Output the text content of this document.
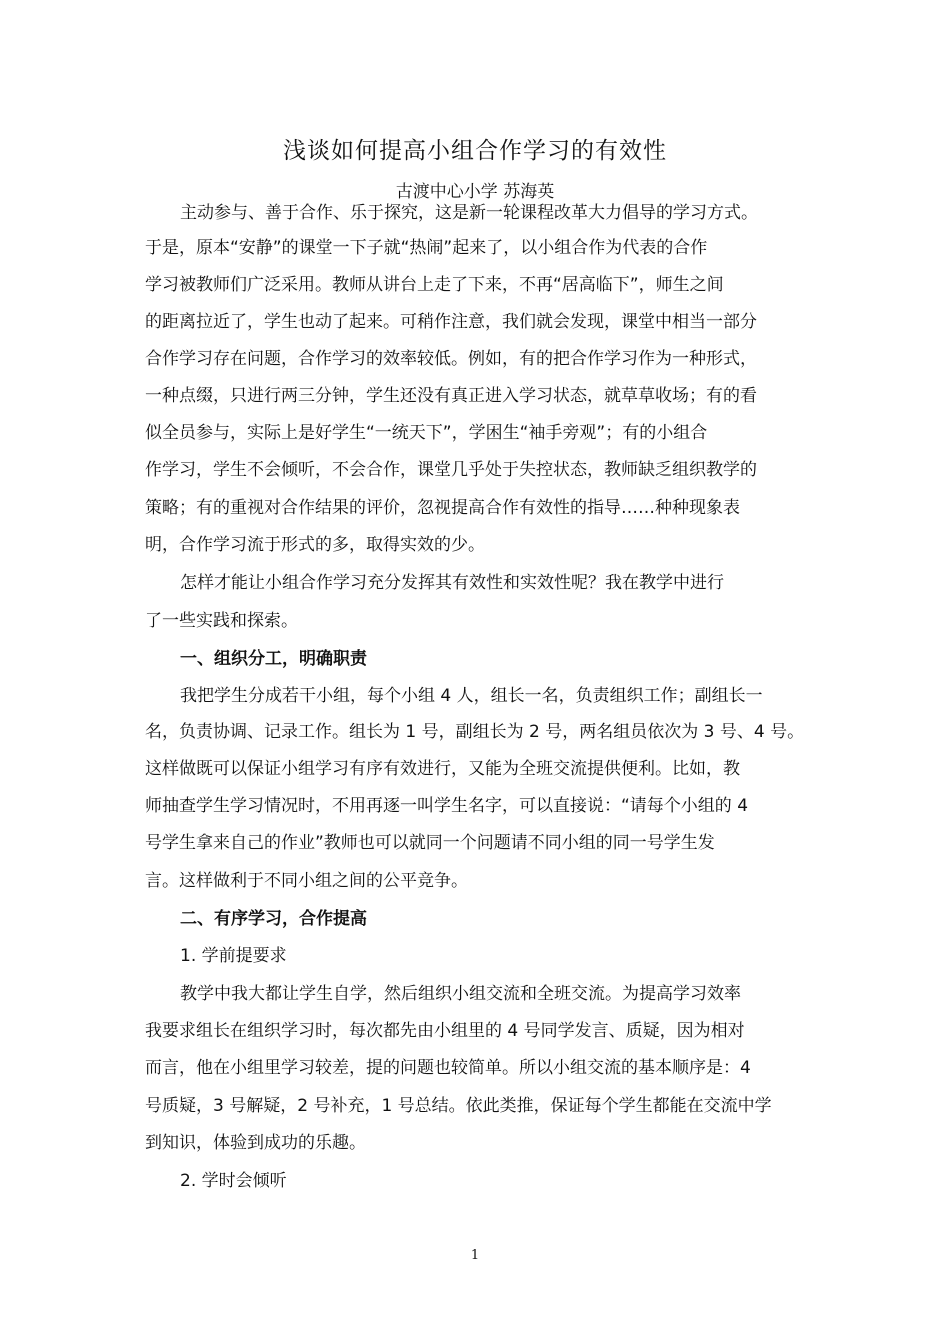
浅谈如何提高小组合作学习的有效性
古渡中心小学 苏海英
主动参与、善于合作、乐于探究，这是新一轮课程改革大力倡导的学习方式。
于是，原本“安静”的课堂一下子就“热闹”起来了，以小组合作为代表的合作
学习被教师们广泛采用。教师从讲台上走了下来，不再“居高临下”，师生之间
的距离拉近了，学生也动了起来。可稍作注意，我们就会发现，课堂中相当一部分
合作学习存在问题，合作学习的效率较低。例如，有的把合作学习作为一种形式，
一种点缀，只进行两三分钟，学生还没有真正进入学习状态，就草草收场；有的看
似全员参与，实际上是好学生“一统天下”，学困生“袖手旁观”；有的小组合
作学习，学生不会倾听，不会合作，课堂几乎处于失控状态，教师缺乏组织教学的
策略；有的重视对合作结果的评价，忽视提高合作有效性的指导……种种现象表
明，合作学习流于形式的多，取得实效的少。
怎样才能让小组合作学习充分发挥其有效性和实效性呢？我在教学中进行
了一些实践和探索。
一、组织分工，明确职责
我把学生分成若干小组，每个小组 4 人，组长一名，负责组织工作；副组长一
名，负责协调、记录工作。组长为 1 号，副组长为 2 号，两名组员依次为 3 号、4 号。
这样做既可以保证小组学习有序有效进行，又能为全班交流提供便利。比如，教
师抽查学生学习情况时，不用再逐一叫学生名字，可以直接说：“请每个小组的 4
号学生拿来自己的作业”教师也可以就同一个问题请不同小组的同一号学生发
言。这样做利于不同小组之间的公平竞争。
二、有序学习，合作提高
1. 学前提要求
教学中我大都让学生自学，然后组织小组交流和全班交流。为提高学习效率
我要求组长在组织学习时，每次都先由小组里的 4 号同学发言、质疑，因为相对
而言，他在小组里学习较差，提的问题也较简单。所以小组交流的基本顺序是：4
号质疑，3 号解疑，2 号补充，1 号总结。依此类推，保证每个学生都能在交流中学
到知识，体验到成功的乐趣。
2. 学时会倾听
1
